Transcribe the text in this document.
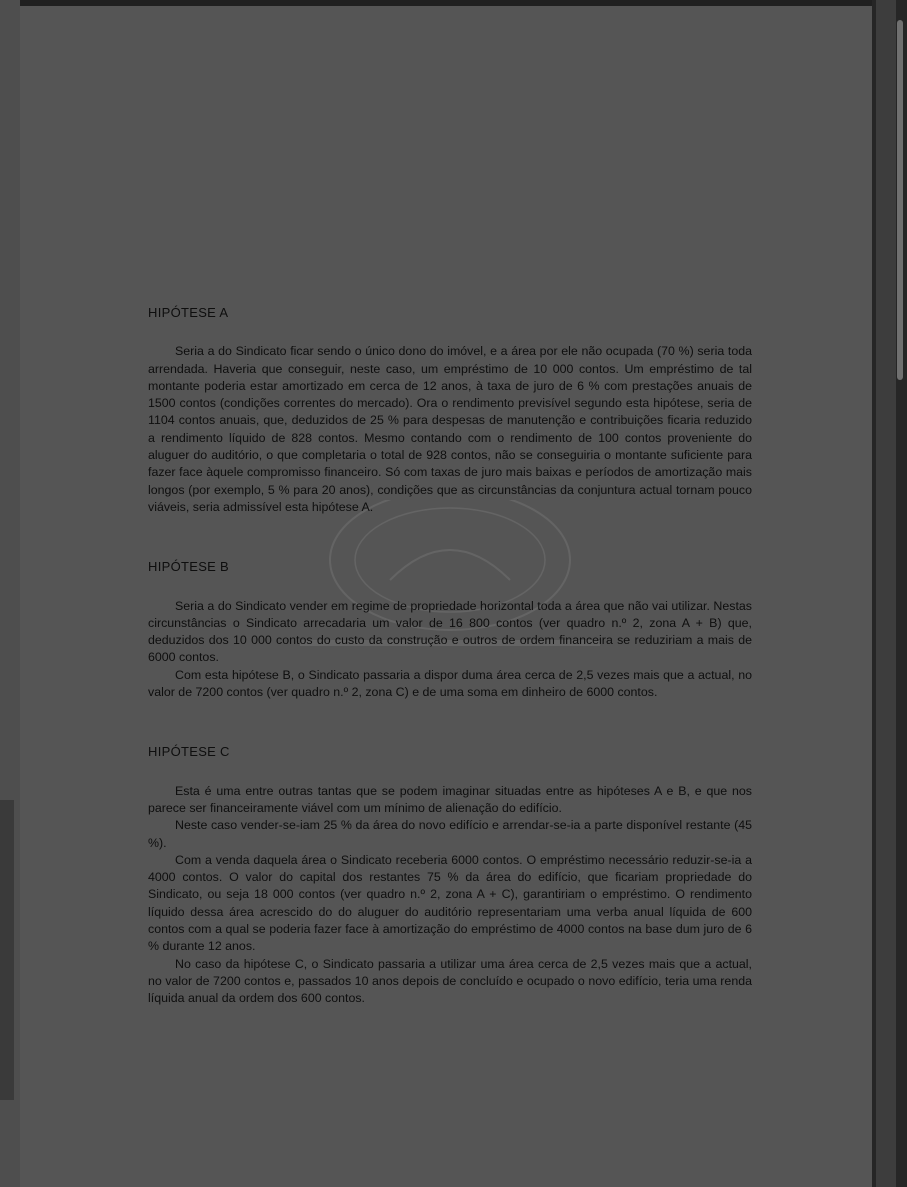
HIPÓTESE A

Seria a do Sindicato ficar sendo o único dono do imóvel, e a área por ele não ocupada (70 %) seria toda arrendada. Haveria que conseguir, neste caso, um empréstimo de 10 000 contos. Um empréstimo de tal montante poderia estar amortizado em cerca de 12 anos, à taxa de juro de 6 % com prestações anuais de 1500 contos (condições correntes do mercado). Ora o rendimento previsível segundo esta hipótese, seria de 1104 contos anuais, que, deduzidos de 25 % para despesas de manutenção e contribuições ficaria reduzido a rendimento líquido de 828 contos. Mesmo contando com o rendimento de 100 contos proveniente do aluguer do auditório, o que completaria o total de 928 contos, não se conseguiria o montante suficiente para fazer face àquele compromisso financeiro. Só com taxas de juro mais baixas e períodos de amortização mais longos (por exemplo, 5 % para 20 anos), condições que as circunstâncias da conjuntura actual tornam pouco viáveis, seria admissível esta hipótese A.

HIPÓTESE B

Seria a do Sindicato vender em regime de propriedade horizontal toda a área que não vai utilizar. Nestas circunstâncias o Sindicato arrecadaria um valor de 16 800 contos (ver quadro n.º 2, zona A + B) que, deduzidos dos 10 000 contos do custo da construção e outros de ordem financeira se reduziriam a mais de 6000 contos.

Com esta hipótese B, o Sindicato passaria a dispor duma área cerca de 2,5 vezes mais que a actual, no valor de 7200 contos (ver quadro n.º 2, zona C) e de uma soma em dinheiro de 6000 contos.

HIPÓTESE C

Esta é uma entre outras tantas que se podem imaginar situadas entre as hipóteses A e B, e que nos parece ser financeiramente viável com um mínimo de alienação do edifício.

Neste caso vender-se-iam 25 % da área do novo edifício e arrendar-se-ia a parte disponível restante (45 %).

Com a venda daquela área o Sindicato receberia 6000 contos. O empréstimo necessário reduzir-se-ia a 4000 contos. O valor do capital dos restantes 75 % da área do edifício, que ficariam propriedade do Sindicato, ou seja 18 000 contos (ver quadro n.º 2, zona A + C), garantiriam o empréstimo. O rendimento líquido dessa área acrescido do do aluguer do auditório representariam uma verba anual líquida de 600 contos com a qual se poderia fazer face à amortização do empréstimo de 4000 contos na base dum juro de 6 % durante 12 anos.

No caso da hipótese C, o Sindicato passaria a utilizar uma área cerca de 2,5 vezes mais que a actual, no valor de 7200 contos e, passados 10 anos depois de concluído e ocupado o novo edifício, teria uma renda líquida anual da ordem dos 600 contos.
